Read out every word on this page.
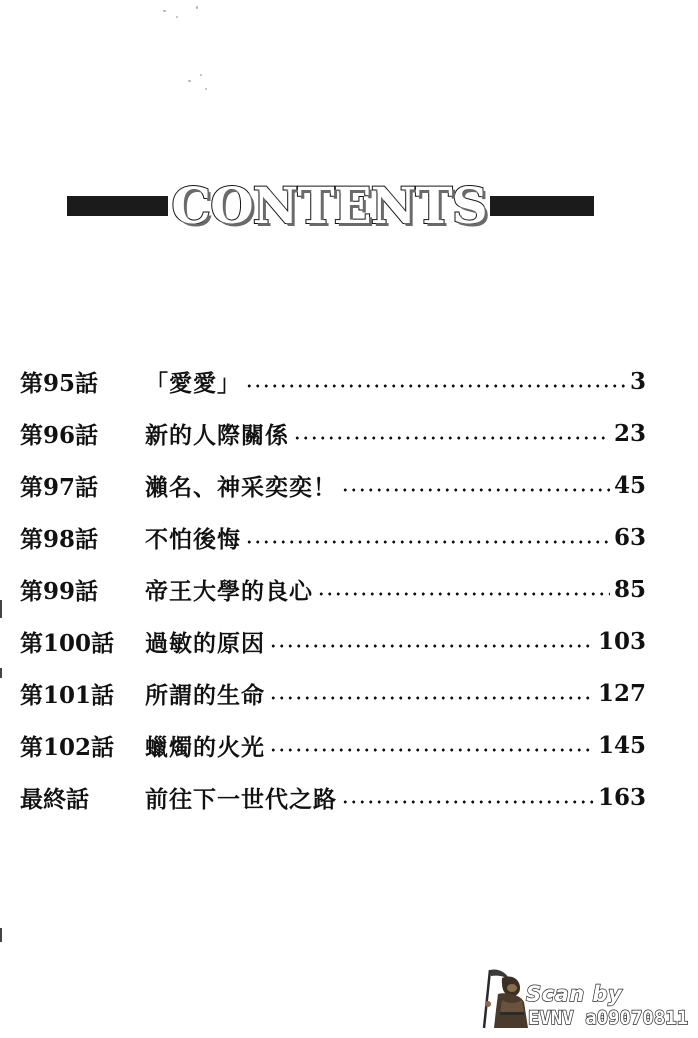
CONTENTS
第95話	「愛愛」	3
第96話	新的人際關係	23
第97話	瀨名、神采奕奕！	45
第98話	不怕後悔	63
第99話	帝王大學的良心	85
第100話	過敏的原因	103
第101話	所謂的生命	127
第102話	蠟燭的火光	145
最終話	前往下一世代之路	163
Scan by
EVNV a09070811
